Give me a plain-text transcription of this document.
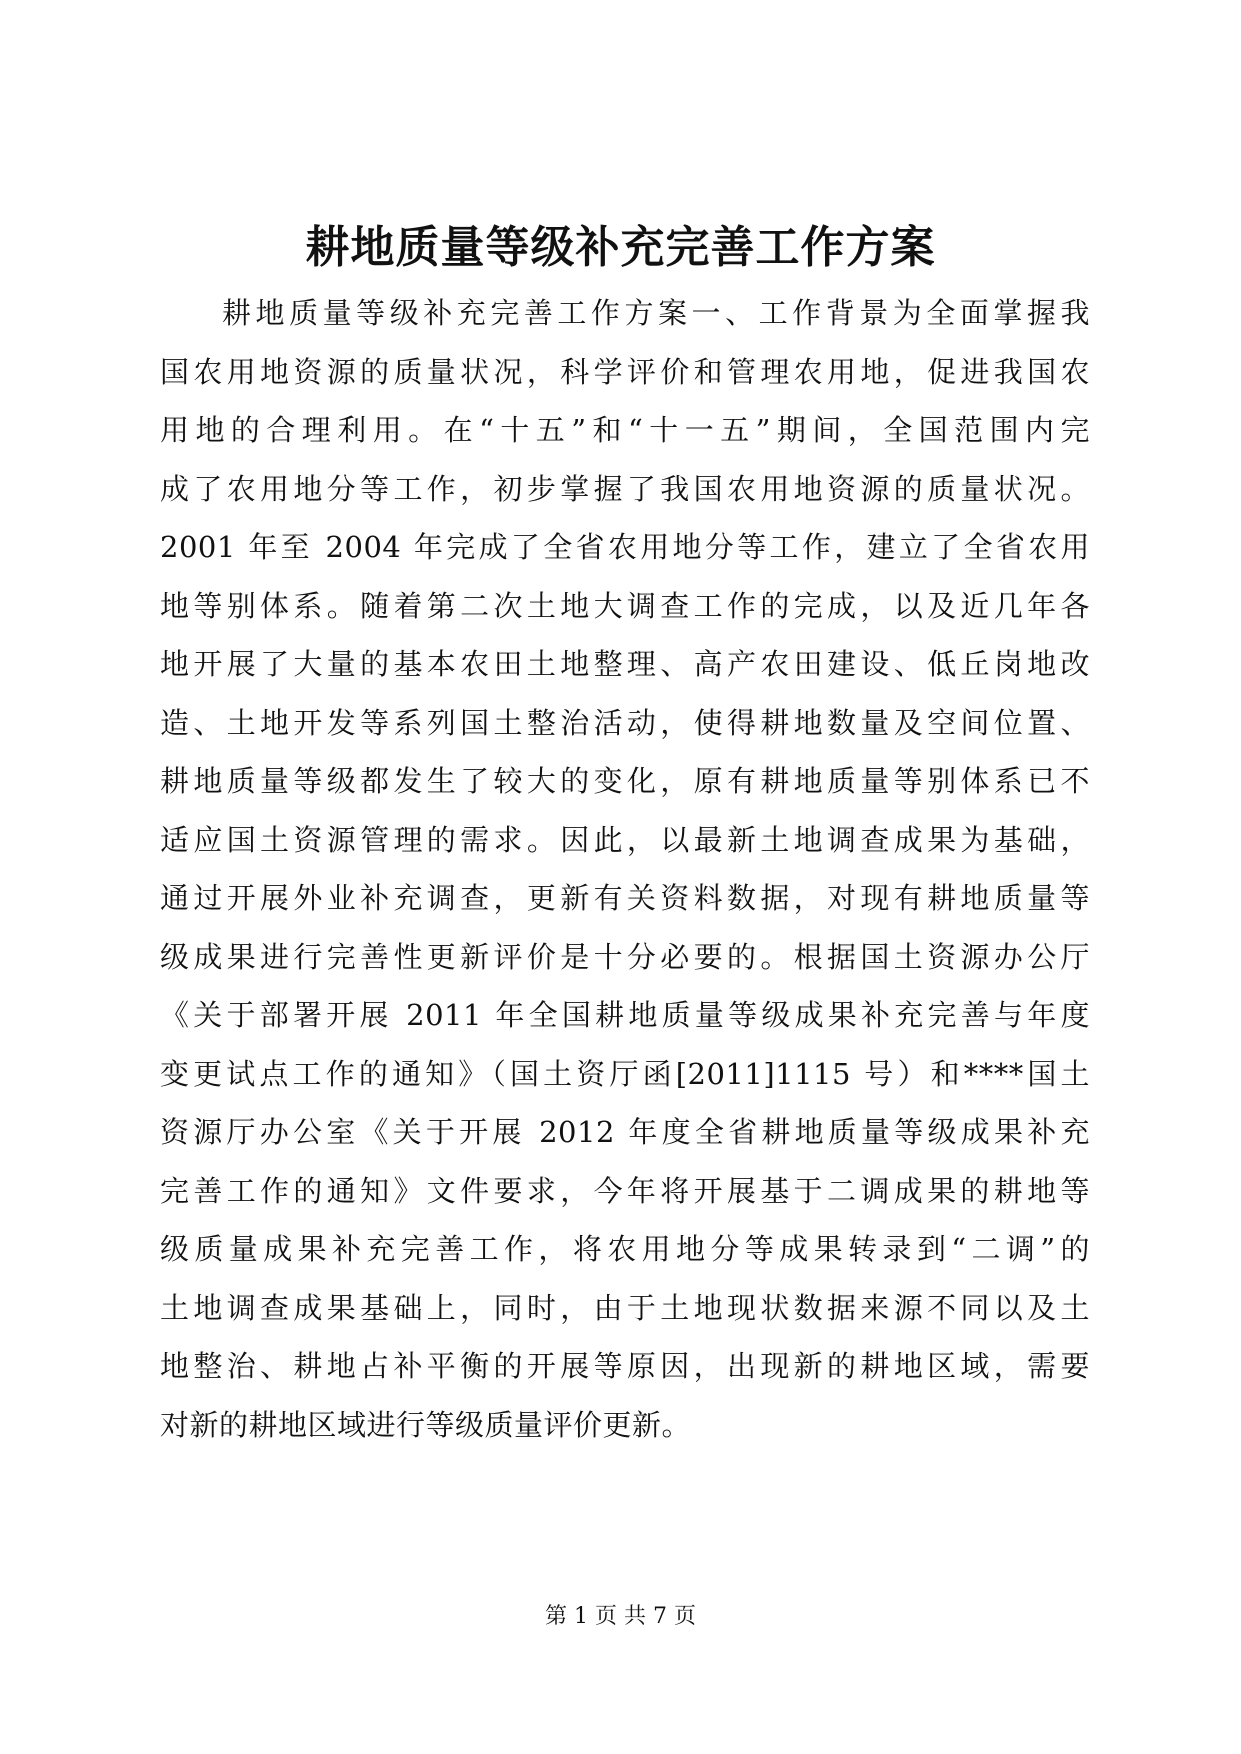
耕地质量等级补充完善工作方案
耕地质量等级补充完善工作方案一、工作背景为全面掌握我
国农用地资源的质量状况，科学评价和管理农用地，促进我国农
用地的合理利用。在“十五”和“十一五”期间，全国范围内完
成了农用地分等工作，初步掌握了我国农用地资源的质量状况。
2001 年至 2004 年完成了全省农用地分等工作，建立了全省农用
地等别体系。随着第二次土地大调查工作的完成，以及近几年各
地开展了大量的基本农田土地整理、高产农田建设、低丘岗地改
造、土地开发等系列国土整治活动，使得耕地数量及空间位置、
耕地质量等级都发生了较大的变化，原有耕地质量等别体系已不
适应国土资源管理的需求。因此，以最新土地调查成果为基础，
通过开展外业补充调查，更新有关资料数据，对现有耕地质量等
级成果进行完善性更新评价是十分必要的。根据国土资源办公厅
《关于部署开展 2011 年全国耕地质量等级成果补充完善与年度
变更试点工作的通知》（国土资厅函[2011]1115 号）和****国土
资源厅办公室《关于开展 2012 年度全省耕地质量等级成果补充
完善工作的通知》文件要求，今年将开展基于二调成果的耕地等
级质量成果补充完善工作，将农用地分等成果转录到“二调”的
土地调查成果基础上，同时，由于土地现状数据来源不同以及土
地整治、耕地占补平衡的开展等原因，出现新的耕地区域，需要
对新的耕地区域进行等级质量评价更新。
第 1 页 共 7 页
